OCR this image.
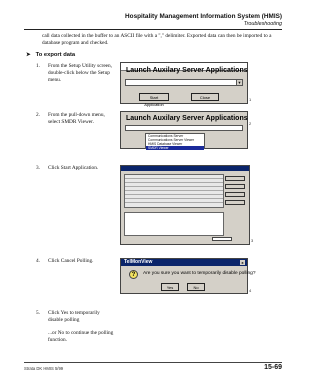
Hospitality Management Information System (HMIS)
Troubleshooting
call data collected in the buffer to an ASCII file with a "," delimiter. Exported data can then be imported to a database program and checked.
➤ To export data
1. From the Setup Utility screen, double-click below the Setup menu.
2. From the pull-down menu, select SMDR Viewer.
3. Click Start Application.
4. Click Cancel Polling.
5. Click Yes to temporarily disable polling
...or No to continue the polling function.
Launch Auxilary Server Applications
▼
Start Application
Close	1
Launch Auxilary Server Applications
Communications Server
Communications Server Viewer
HMIS Database Viewer
SMDR Viewer
2
3
TelMonView	x
?	Are you sure you want to temporarily disable polling?
Yes	No
4
Strata DK HMIS 5/99	15-69
